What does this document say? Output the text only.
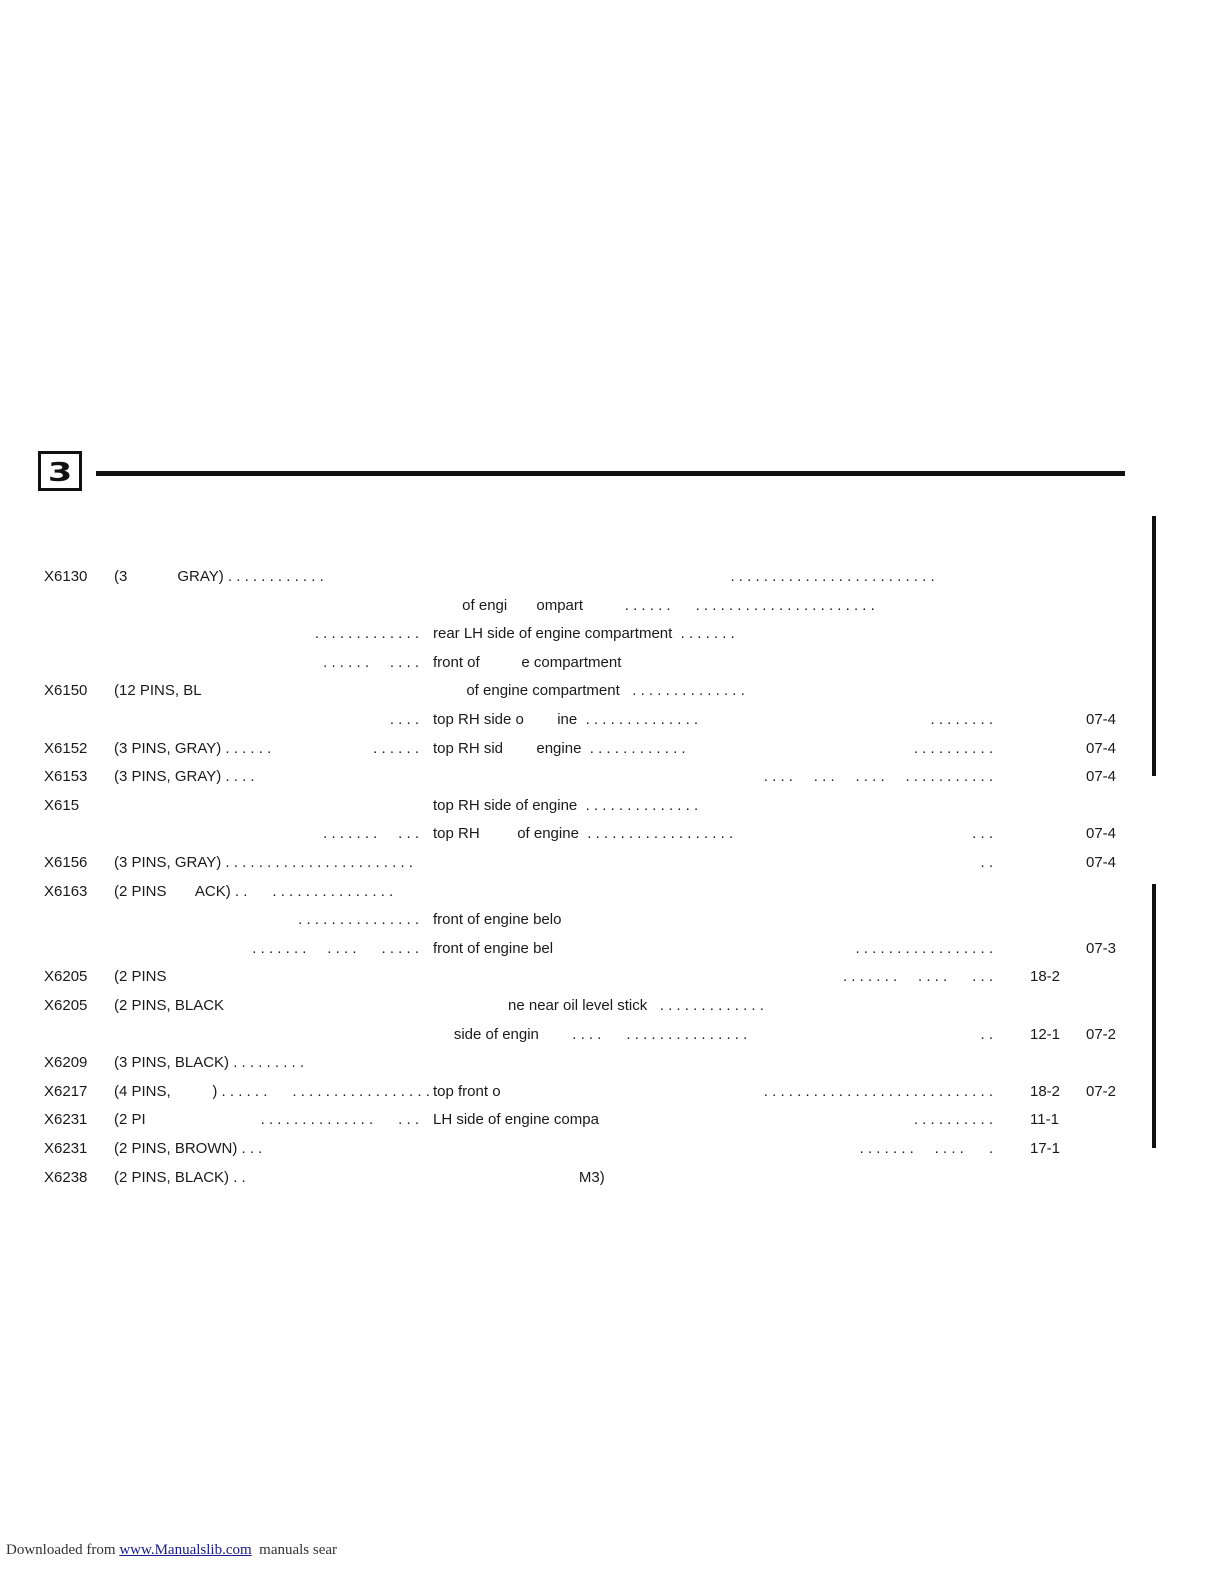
3
X6130 (3            GRAY) . . . . . . . . . . . .	. . . . . . . . . . . . . . . . . . . . . . . . .
of engi       ompart          . . . . . .      . . . . . . . . . . . . . . . . . . . . . .
. . . . . . . . . . . . . rear LH side of engine compartment  . . . . . . .
. . . . . .     . . . . front of          e compartment
X6150 (12 PINS, BL	of engine compartment   . . . . . . . . . . . . . .
. . . . top RH side o        ine  . . . . . . . . . . . . . .	. . . . . . . .	07-4
X6152 (3 PINS, GRAY) . . . . . .	. . . . . . top RH sid        engine  . . . . . . . . . . . .	. . . . . . . . . .	07-4
X6153 (3 PINS, GRAY) . . . .	. . . .     . . .     . . . .     . . . . . . . . . . .	07-4
X615	top RH side of engine  . . . . . . . . . . . . . .
. . . . . . .     . . . top RH         of engine  . . . . . . . . . . . . . . . . . .	. . .	07-4
X6156 (3 PINS, GRAY) . . . . . . . . . . . . . . . . . . . . . . .	. .	07-4
X6163 (2 PINS       ACK) . .      . . . . . . . . . . . . . . .
. . . . . . . . . . . . . . . front of engine belo
. . . . . . .     . . . .      . . . . . front of engine bel	. . . . . . . . . . . . . . . . .	07-3
X6205 (2 PINS	. . . . . . .     . . . .      . . . 18-2
X6205 (2 PINS, BLACK	ne near oil level stick   . . . . . . . . . . . . .
side of engin        . . . .      . . . . . . . . . . . . . . .	. . 12-1 07-2
X6209 (3 PINS, BLACK) . . . . . . . . .
X6217 (4 PINS,          ) . . . . . .      . . . . . . . . . . . . . . . . . top front o	. . . . . . . . . . . . . . . . . . . . . . . . . . . . 18-2 07-2
X6231 (2 PI	. . . . . . . . . . . . . .      . . . LH side of engine compa	. . . . . . . . . . 11-1
X6231 (2 PINS, BROWN) . . .	. . . . . . .     . . . .      . 17-1
X6238 (2 PINS, BLACK) . .	M3)
Downloaded from www.Manualslib.com  manuals sear
